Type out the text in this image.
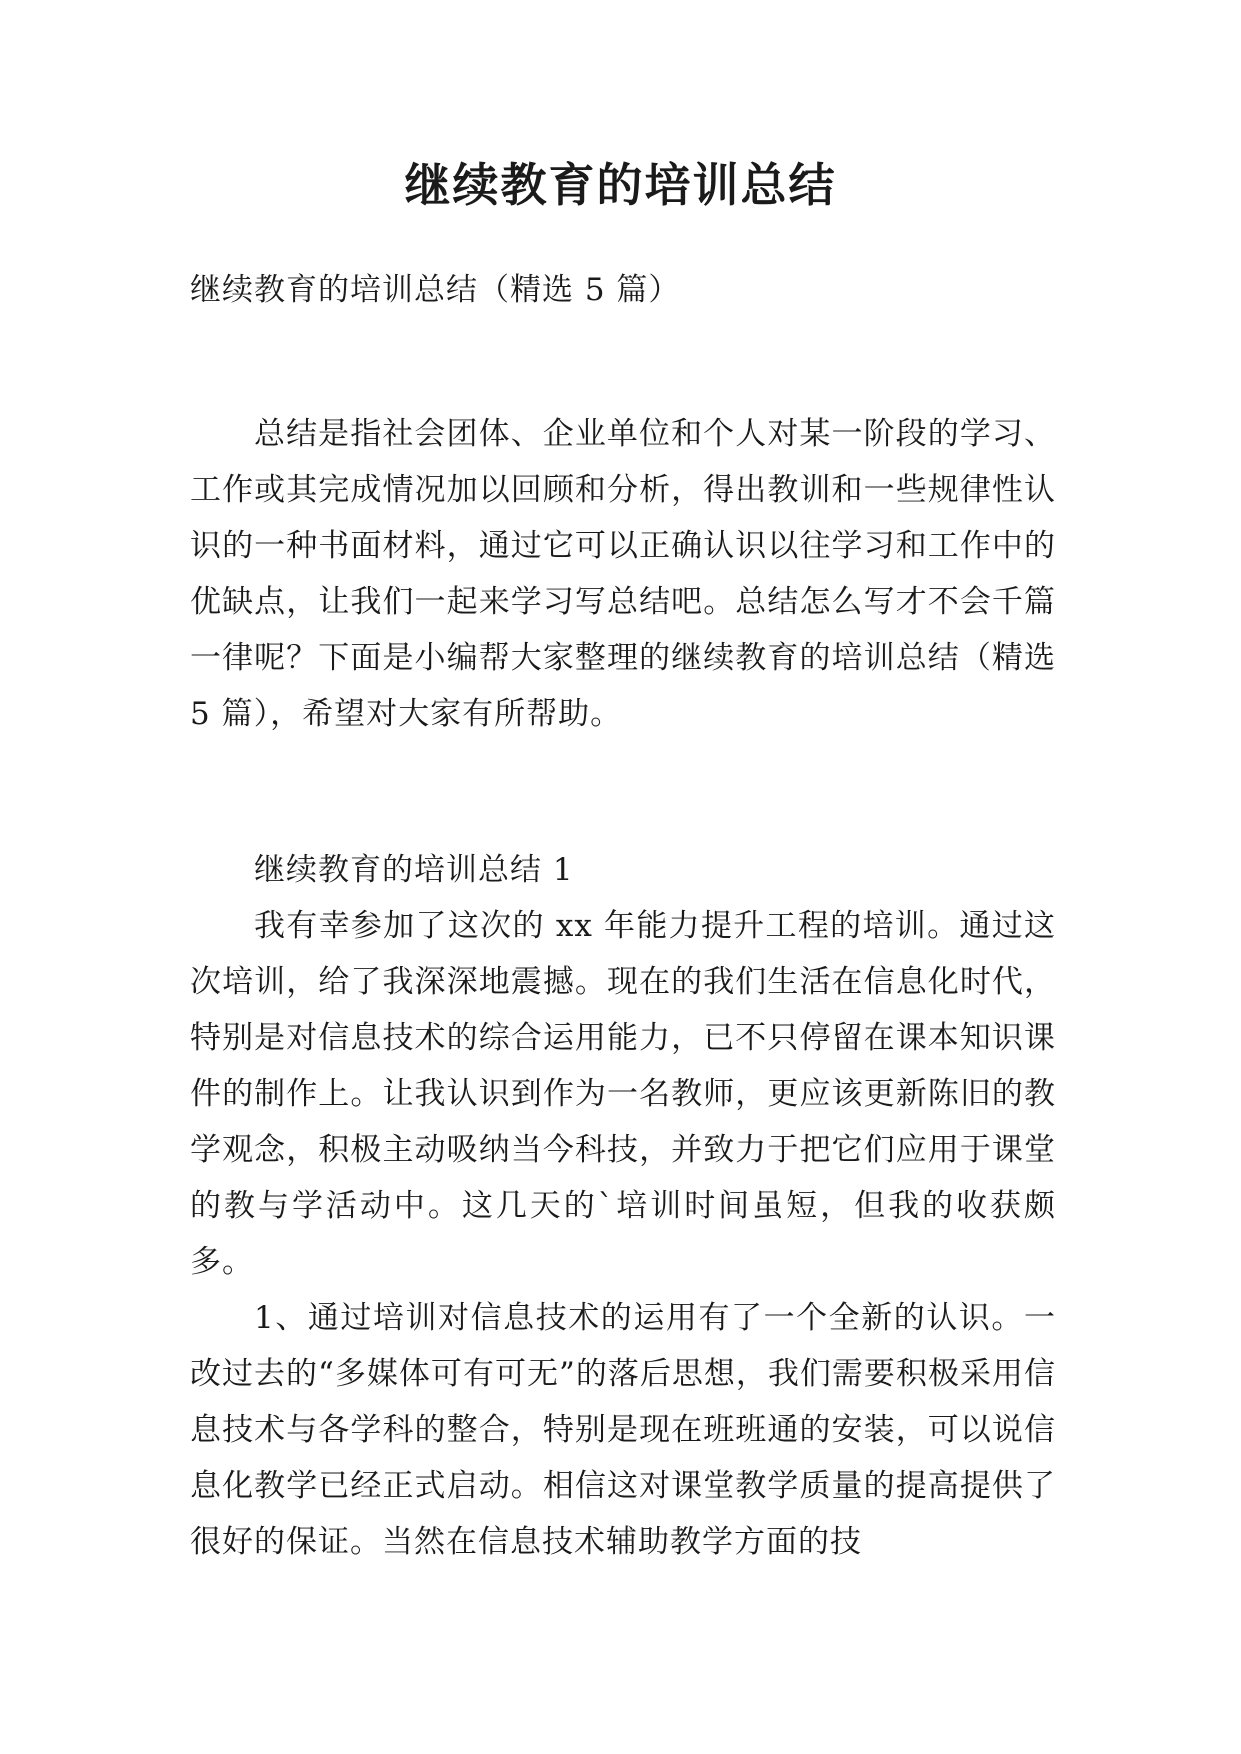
继续教育的培训总结

继续教育的培训总结（精选 5 篇）

总结是指社会团体、企业单位和个人对某一阶段的学习、工作或其完成情况加以回顾和分析，得出教训和一些规律性认识的一种书面材料，通过它可以正确认识以往学习和工作中的优缺点，让我们一起来学习写总结吧。总结怎么写才不会千篇一律呢？下面是小编帮大家整理的继续教育的培训总结（精选 5 篇），希望对大家有所帮助。

继续教育的培训总结 1

我有幸参加了这次的 xx 年能力提升工程的培训。通过这次培训，给了我深深地震撼。现在的我们生活在信息化时代，特别是对信息技术的综合运用能力，已不只停留在课本知识课件的制作上。让我认识到作为一名教师，更应该更新陈旧的教学观念，积极主动吸纳当今科技，并致力于把它们应用于课堂的教与学活动中。这几天的`培训时间虽短，但我的收获颇多。

1、通过培训对信息技术的运用有了一个全新的认识。一改过去的“多媒体可有可无”的落后思想，我们需要积极采用信息技术与各学科的整合，特别是现在班班通的安装，可以说信息化教学已经正式启动。相信这对课堂教学质量的提高提供了很好的保证。当然在信息技术辅助教学方面的技
